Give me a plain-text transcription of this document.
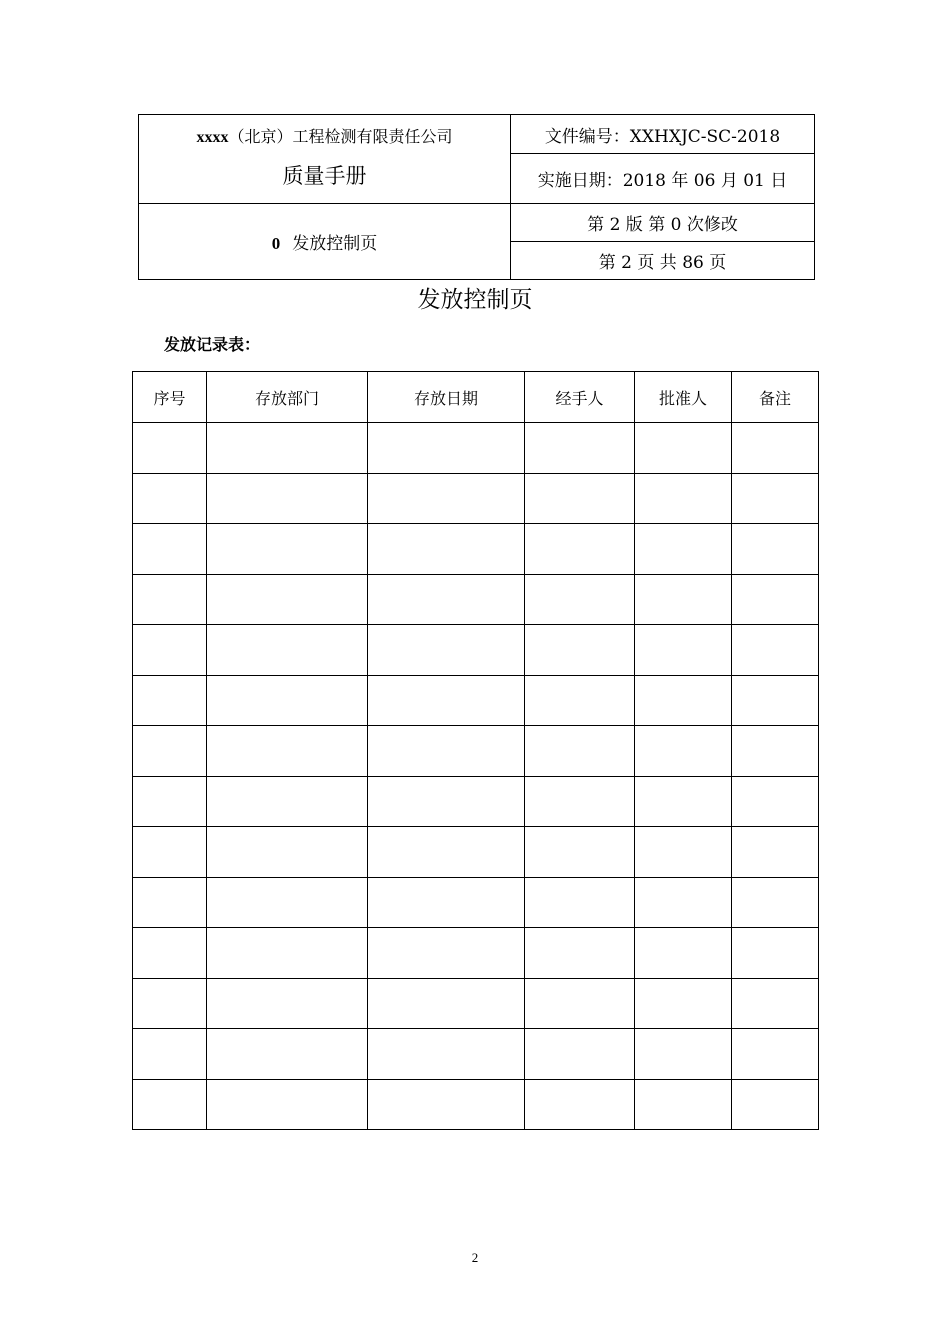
xxxx（北京）工程检测有限责任公司
质量手册	文件编号：XXHXJC-SC-2018
	实施日期：2018 年 06 月 01 日
0 发放控制页	第 2 版 第 0 次修改
	第 2 页 共 86 页
发放控制页
发放记录表：
序号	存放部门	存放日期	经手人	批准人	备注

2
